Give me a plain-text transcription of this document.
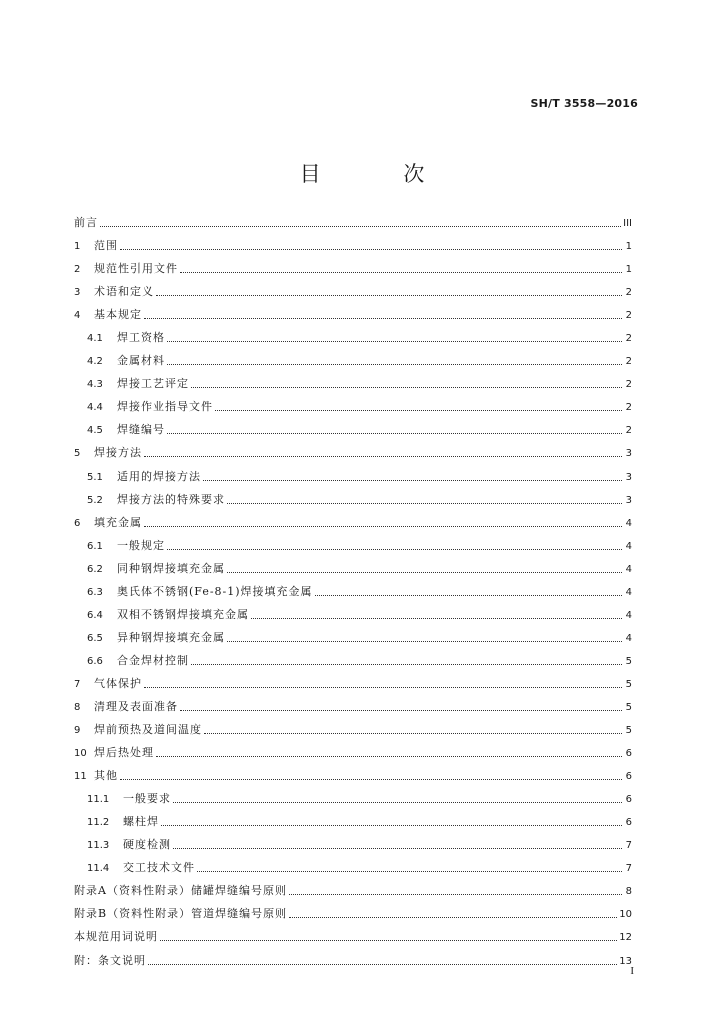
SH/T 3558—2016
目 次
前言	III
1	范围	1
2	规范性引用文件	1
3	术语和定义	2
4	基本规定	2
4.1	焊工资格	2
4.2	金属材料	2
4.3	焊接工艺评定	2
4.4	焊接作业指导文件	2
4.5	焊缝编号	2
5	焊接方法	3
5.1	适用的焊接方法	3
5.2	焊接方法的特殊要求	3
6	填充金属	4
6.1	一般规定	4
6.2	同种钢焊接填充金属	4
6.3	奥氏体不锈钢(Fe-8-1)焊接填充金属	4
6.4	双相不锈钢焊接填充金属	4
6.5	异种钢焊接填充金属	4
6.6	合金焊材控制	5
7	气体保护	5
8	清理及表面准备	5
9	焊前预热及道间温度	5
10 焊后热处理	6
11 其他	6
11.1	一般要求	6
11.2	螺柱焊	6
11.3	硬度检测	7
11.4	交工技术文件	7
附录A（资料性附录）储罐焊缝编号原则	8
附录B（资料性附录）管道焊缝编号原则	10
本规范用词说明	12
附：条文说明	13
I
